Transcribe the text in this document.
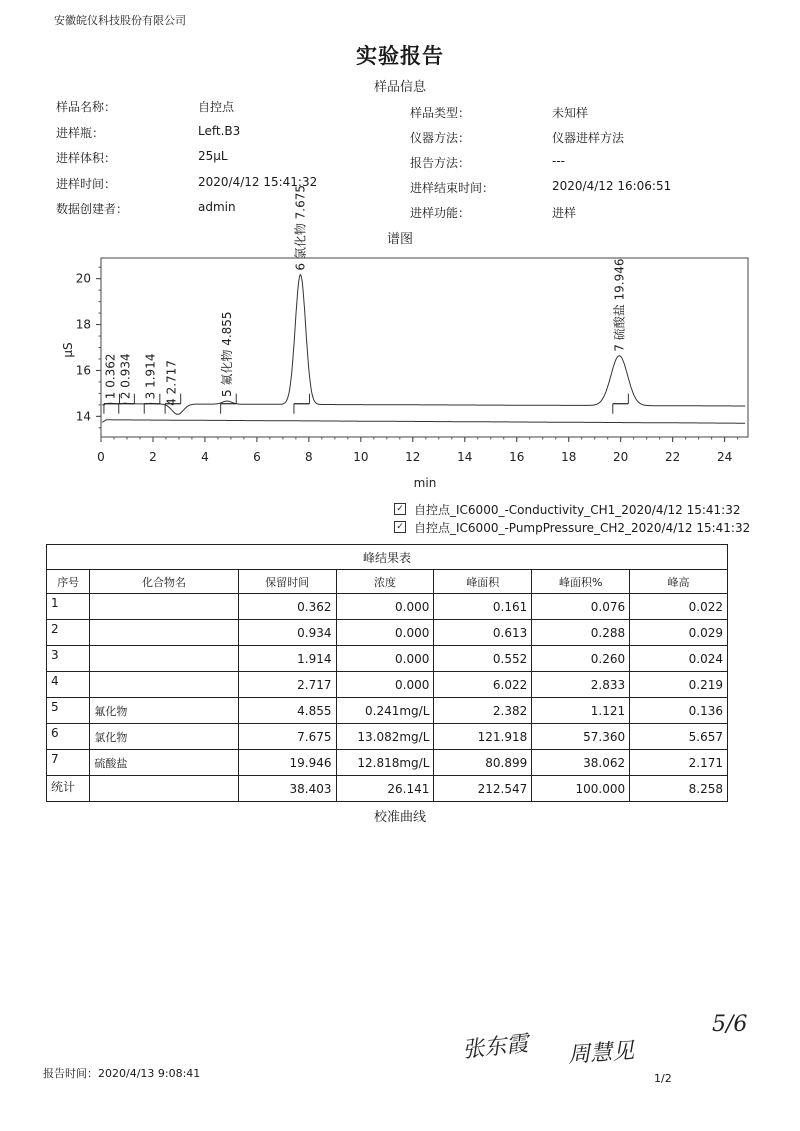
安徽皖仪科技股份有限公司
实验报告
样品信息
样品名称：	自控点
进样瓶：	Left.B3
进样体积：	25μL
进样时间：	2020/4/12 15:41:32
数据创建者：	admin
样品类型：	未知样
仪器方法：	仪器进样方法
报告方法：	---
进样结束时间：	2020/4/12 16:06:51
进样功能：	进样
谱图
0	2	4	6	8	10	12	14	16	18	20	22	24
14
16
18
20
1 0.362 2 0.934 3 1.914 4 2.717	5 氟化物 4.855
6 氯化物 7.675
7 硫酸盐 19.946
μS
min
✓ 自控点_IC6000_-Conductivity_CH1_2020/4/12 15:41:32
✓ 自控点_IC6000_-PumpPressure_CH2_2020/4/12 15:41:32
峰结果表						
序号	化合物名	保留时间	浓度	峰面积	峰面积%	峰高
1		0.362	0.000	0.161	0.076	0.022
2		0.934	0.000	0.613	0.288	0.029
3		1.914	0.000	0.552	0.260	0.024
4		2.717	0.000	6.022	2.833	0.219
5	氟化物	4.855	0.241mg/L	2.382	1.121	0.136
6	氯化物	7.675	13.082mg/L	121.918	57.360	5.657
7	硫酸盐	19.946	12.818mg/L	80.899	38.062	2.171
统计		38.403	26.141	212.547	100.000	8.258
校准曲线
张东霞 周慧见
5/6
报告时间：2020/4/13 9:08:41	1/2
